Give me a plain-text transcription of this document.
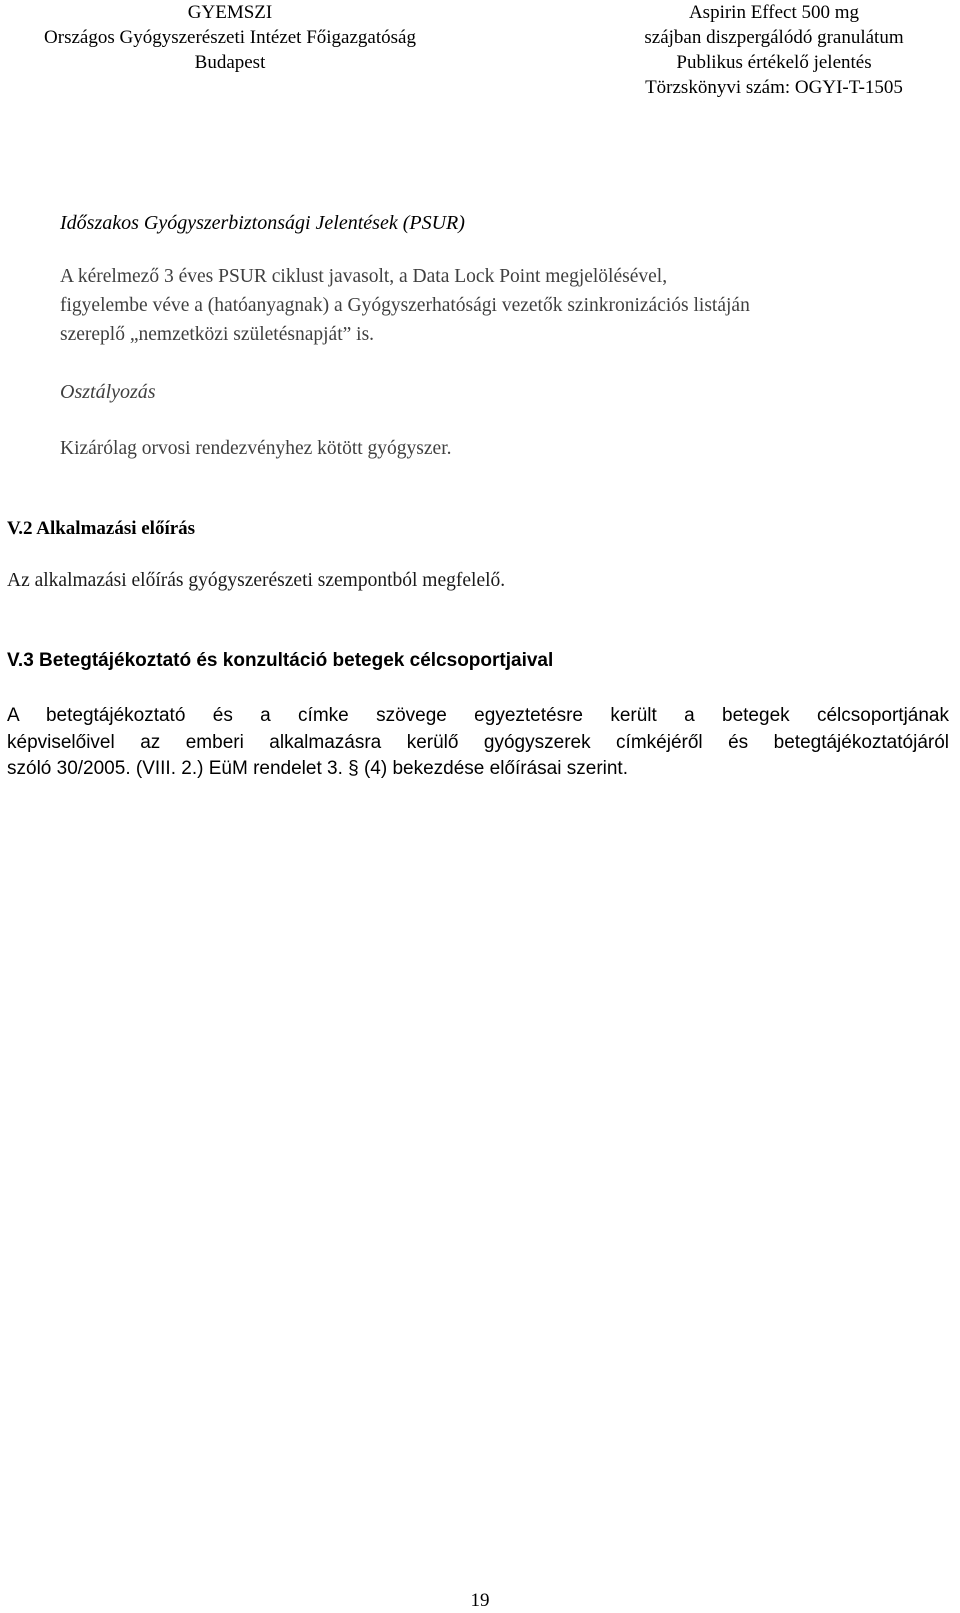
GYEMSZI
Országos Gyógyszerészeti Intézet Főigazgatóság
Budapest
Aspirin Effect 500 mg
szájban diszpergálódó granulátum
Publikus értékelő jelentés
Törzskönyvi szám: OGYI-T-1505
Időszakos Gyógyszerbiztonsági Jelentések (PSUR)
A kérelmező 3 éves PSUR ciklust javasolt, a Data Lock Point megjelölésével,
figyelembe véve a (hatóanyagnak) a Gyógyszerhatósági vezetők szinkronizációs listáján
szereplő „nemzetközi születésnapját” is.
Osztályozás
Kizárólag orvosi rendezvényhez kötött gyógyszer.
V.2 Alkalmazási előírás
Az alkalmazási előírás gyógyszerészeti szempontból megfelelő.
V.3 Betegtájékoztató és konzultáció betegek célcsoportjaival
A betegtájékoztató és a címke szövege egyeztetésre került a betegek célcsoportjának
képviselőivel az emberi alkalmazásra kerülő gyógyszerek címkéjéről és betegtájékoztatójáról
szóló 30/2005. (VIII. 2.) EüM rendelet 3. § (4) bekezdése előírásai szerint.
19
